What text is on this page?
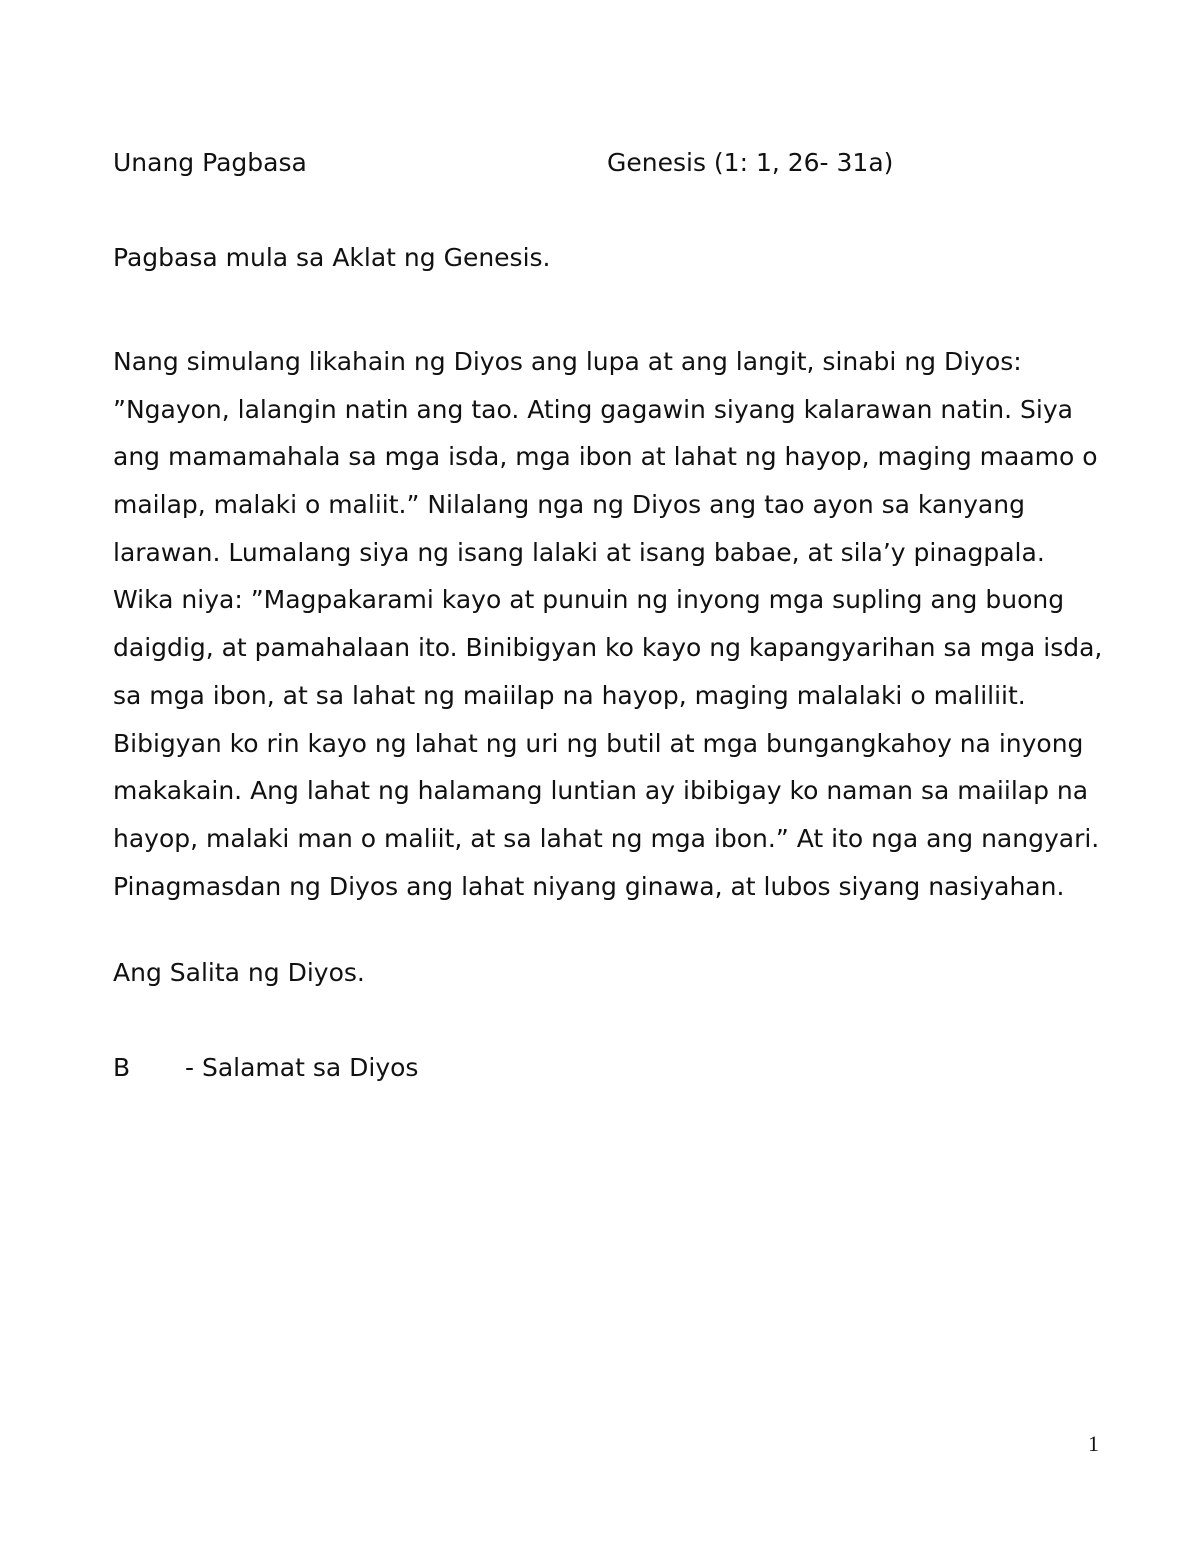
Unang Pagbasa	Genesis (1: 1, 26- 31a)
Pagbasa mula sa Aklat ng Genesis.
Nang simulang likahain ng Diyos ang lupa at ang langit, sinabi ng Diyos:
”Ngayon, lalangin natin ang tao. Ating gagawin siyang kalarawan natin. Siya
ang mamamahala sa mga isda, mga ibon at lahat ng hayop, maging maamo o
mailap, malaki o maliit.” Nilalang nga ng Diyos ang tao ayon sa kanyang
larawan. Lumalang siya ng isang lalaki at isang babae, at sila’y pinagpala.
Wika niya: ”Magpakarami kayo at punuin ng inyong mga supling ang buong
daigdig, at pamahalaan ito. Binibigyan ko kayo ng kapangyarihan sa mga isda,
sa mga ibon, at sa lahat ng maiilap na hayop, maging malalaki o maliliit.
Bibigyan ko rin kayo ng lahat ng uri ng butil at mga bungangkahoy na inyong
makakain. Ang lahat ng halamang luntian ay ibibigay ko naman sa maiilap na
hayop, malaki man o maliit, at sa lahat ng mga ibon.” At ito nga ang nangyari.
Pinagmasdan ng Diyos ang lahat niyang ginawa, at lubos siyang nasiyahan.
Ang Salita ng Diyos.
B - Salamat sa Diyos
1
